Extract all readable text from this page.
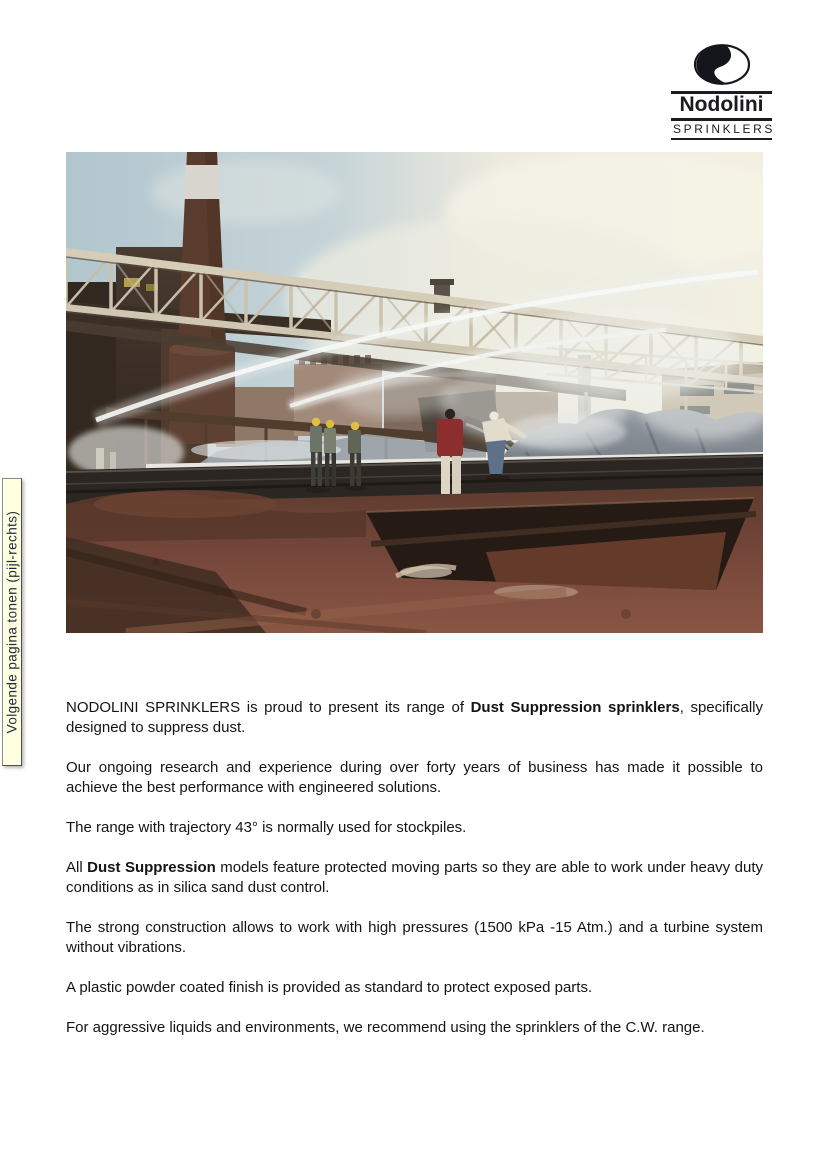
Volgende pagina tonen (pijl-rechts)
Nodolini
SPRINKLERS

NODOLINI SPRINKLERS is proud to present its range of Dust Suppression sprinklers, specifically designed to suppress dust.

Our ongoing research and experience during over forty years of business has made it possible to achieve the best performance with engineered solutions.

The range with trajectory 43° is normally used for stockpiles.

All Dust Suppression models feature protected moving parts so they are able to work under heavy duty conditions as in silica sand dust control.

The strong construction allows to work with high pressures (1500 kPa -15 Atm.) and a turbine system without vibrations.

A plastic powder coated finish is provided as standard to protect exposed parts.

For aggressive liquids and environments, we recommend using the sprinklers of the C.W. range.
